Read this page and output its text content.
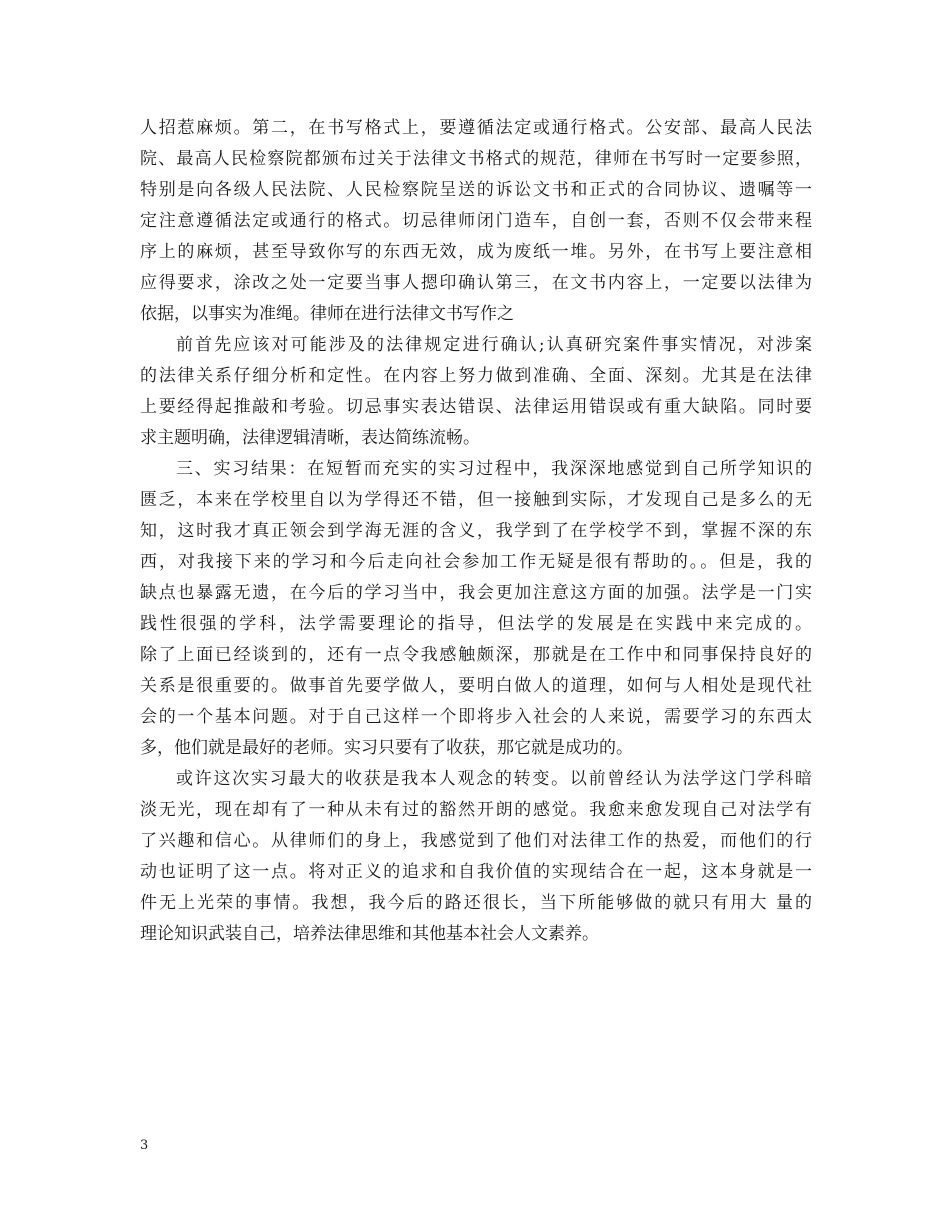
人招惹麻烦。第二，在书写格式上，要遵循法定或通行格式。公安部、最高人民法
院、最高人民检察院都颁布过关于法律文书格式的规范，律师在书写时一定要参照，
特别是向各级人民法院、人民检察院呈送的诉讼文书和正式的合同协议、遗嘱等一
定注意遵循法定或通行的格式。切忌律师闭门造车，自创一套，否则不仅会带来程
序上的麻烦，甚至导致你写的东西无效，成为废纸一堆。另外，在书写上要注意相
应得要求，涂改之处一定要当事人摁印确认第三，在文书内容上，一定要以法律为
依据，以事实为准绳。律师在进行法律文书写作之
前首先应该对可能涉及的法律规定进行确认;认真研究案件事实情况，对涉案
的法律关系仔细分析和定性。在内容上努力做到准确、全面、深刻。尤其是在法律
上要经得起推敲和考验。切忌事实表达错误、法律运用错误或有重大缺陷。同时要
求主题明确，法律逻辑清晰，表达简练流畅。
三、实习结果：在短暂而充实的实习过程中，我深深地感觉到自己所学知识的
匮乏，本来在学校里自以为学得还不错，但一接触到实际，才发现自己是多么的无
知，这时我才真正领会到学海无涯的含义，我学到了在学校学不到，掌握不深的东
西，对我接下来的学习和今后走向社会参加工作无疑是很有帮助的。。但是，我的
缺点也暴露无遗，在今后的学习当中，我会更加注意这方面的加强。法学是一门实
践性很强的学科，法学需要理论的指导，但法学的发展是在实践中来完成的。
除了上面已经谈到的，还有一点令我感触颇深，那就是在工作中和同事保持良好的
关系是很重要的。做事首先要学做人，要明白做人的道理，如何与人相处是现代社
会的一个基本问题。对于自己这样一个即将步入社会的人来说，需要学习的东西太
多，他们就是最好的老师。实习只要有了收获，那它就是成功的。
或许这次实习最大的收获是我本人观念的转变。以前曾经认为法学这门学科暗
淡无光，现在却有了一种从未有过的豁然开朗的感觉。我愈来愈发现自己对法学有
了兴趣和信心。从律师们的身上，我感觉到了他们对法律工作的热爱，而他们的行
动也证明了这一点。将对正义的追求和自我价值的实现结合在一起，这本身就是一
件无上光荣的事情。我想，我今后的路还很长，当下所能够做的就只有用大 量的
理论知识武装自己，培养法律思维和其他基本社会人文素养。
3
